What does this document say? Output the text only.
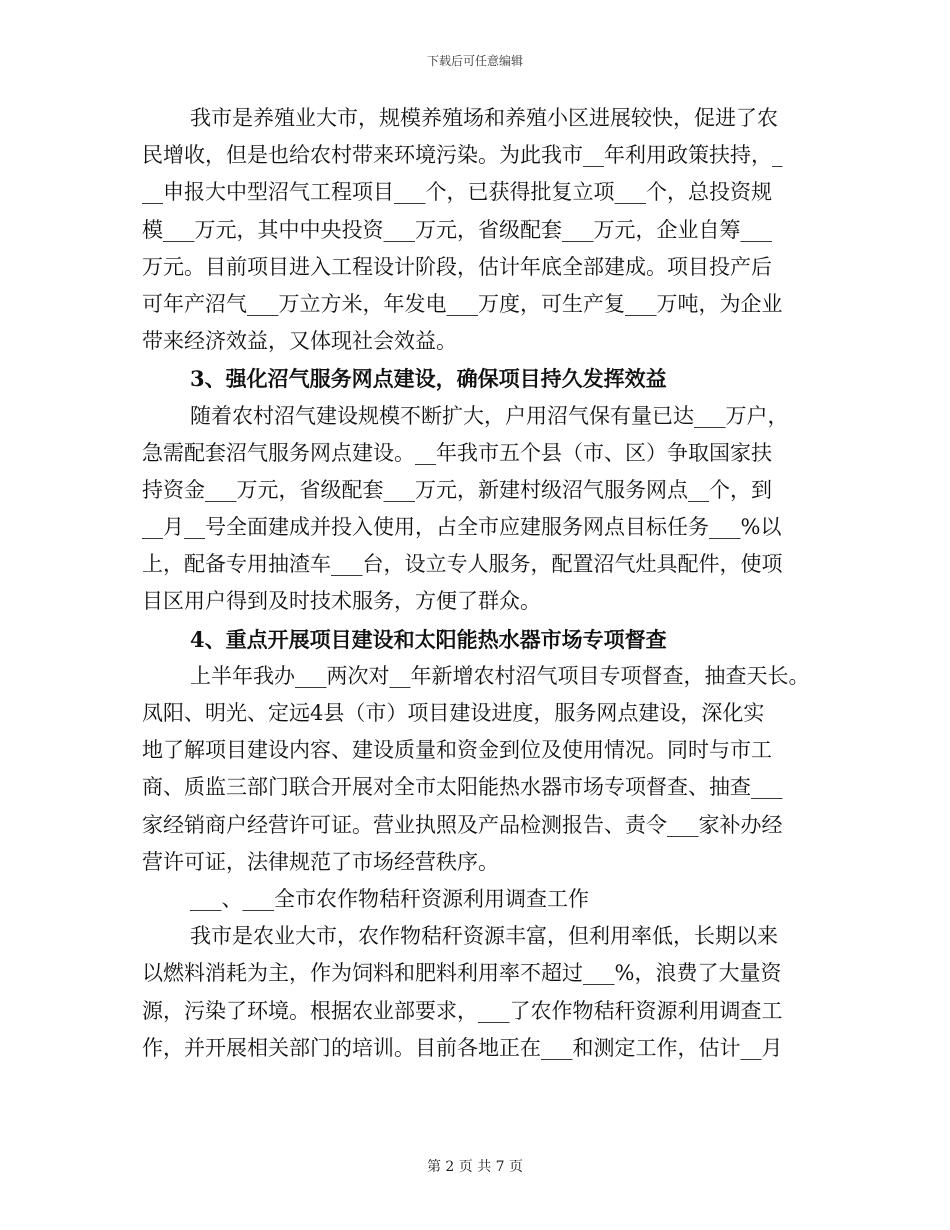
下载后可任意编辑
我市是养殖业大市，规模养殖场和养殖小区进展较快，促进了农
民增收，但是也给农村带来环境污染。为此我市__年利用政策扶持，_
__申报大中型沼气工程项目___个，已获得批复立项___个，总投资规
模___万元，其中中央投资___万元，省级配套___万元，企业自筹___
万元。目前项目进入工程设计阶段，估计年底全部建成。项目投产后
可年产沼气___万立方米，年发电___万度，可生产复___万吨，为企业
带来经济效益，又体现社会效益。
3、强化沼气服务网点建设，确保项目持久发挥效益
随着农村沼气建设规模不断扩大，户用沼气保有量已达___万户，
急需配套沼气服务网点建设。__年我市五个县（市、区）争取国家扶
持资金___万元，省级配套___万元，新建村级沼气服务网点__个，到
__月__号全面建成并投入使用，占全市应建服务网点目标任务___%以
上，配备专用抽渣车___台，设立专人服务，配置沼气灶具配件，使项
目区用户得到及时技术服务，方便了群众。
4、重点开展项目建设和太阳能热水器市场专项督查
上半年我办___两次对__年新增农村沼气项目专项督查，抽查天长。
凤阳、明光、定远4县（市）项目建设进度，服务网点建设，深化实
地了解项目建设内容、建设质量和资金到位及使用情况。同时与市工
商、质监三部门联合开展对全市太阳能热水器市场专项督查、抽查___
家经销商户经营许可证。营业执照及产品检测报告、责令___家补办经
营许可证，法律规范了市场经营秩序。
___、___全市农作物秸秆资源利用调查工作
我市是农业大市，农作物秸秆资源丰富，但利用率低，长期以来
以燃料消耗为主，作为饲料和肥料利用率不超过___%，浪费了大量资
源，污染了环境。根据农业部要求，___了农作物秸秆资源利用调查工
作，并开展相关部门的培训。目前各地正在___和测定工作，估计__月
第 2 页 共 7 页
